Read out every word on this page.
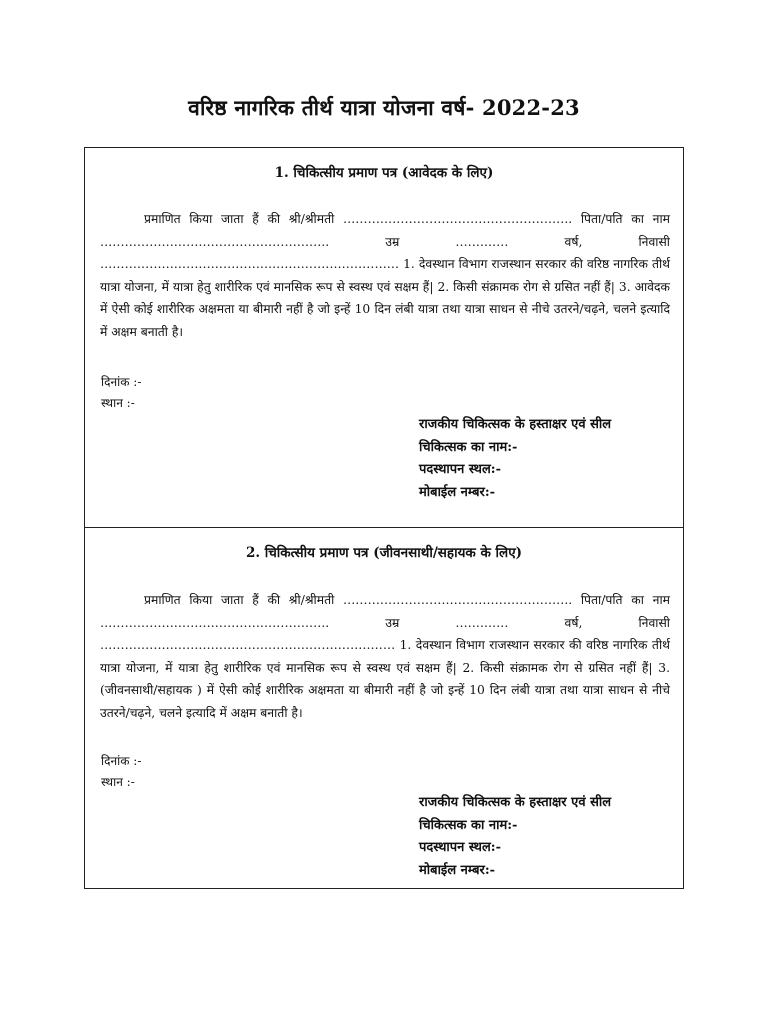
वरिष्ठ नागरिक तीर्थ यात्रा योजना वर्ष- 2022-23
1. चिकित्सीय प्रमाण पत्र (आवेदक के लिए)
प्रमाणित किया जाता हैं की श्री/श्रीमती ……………………………………………….. पिता/पति का नाम ……………………………………………….. उम्र …….…… वर्ष, निवासी …………………………………….………………………… 1. देवस्थान विभाग राजस्थान सरकार की वरिष्ठ नागरिक तीर्थ यात्रा योजना, में यात्रा हेतु शारीरिक एवं मानसिक रूप से स्वस्थ एवं सक्षम हैं| 2. किसी संक्रामक रोग से ग्रसित नहीं हैं| 3. आवेदक में ऐसी कोई शारीरिक अक्षमता या बीमारी नहीं है जो इन्हें 10 दिन लंबी यात्रा तथा यात्रा साधन से नीचे उतरने/चढ़ने, चलने इत्यादि में अक्षम बनाती है।
दिनांक :-
स्थान :-
राजकीय चिकित्सक के हस्ताक्षर एवं सील
चिकित्सक का नाम:-
पदस्थापन स्थल:-
मोबाईल नम्बर:-
2. चिकित्सीय प्रमाण पत्र (जीवनसाथी/सहायक के लिए)
प्रमाणित किया जाता हैं की श्री/श्रीमती ……………………………………………….. पिता/पति का नाम ……………………………………………….. उम्र …….…… वर्ष, निवासी ……………………………………………………………… 1. देवस्थान विभाग राजस्थान सरकार की वरिष्ठ नागरिक तीर्थ यात्रा योजना, में यात्रा हेतु शारीरिक एवं मानसिक रूप से स्वस्थ एवं सक्षम हैं| 2. किसी संक्रामक रोग से ग्रसित नहीं हैं| 3. (जीवनसाथी/सहायक ) में ऐसी कोई शारीरिक अक्षमता या बीमारी नहीं है जो इन्हें 10 दिन लंबी यात्रा तथा यात्रा साधन से नीचे उतरने/चढ़ने, चलने इत्यादि में अक्षम बनाती है।
दिनांक :-
स्थान :-
राजकीय चिकित्सक के हस्ताक्षर एवं सील
चिकित्सक का नाम:-
पदस्थापन स्थल:-
मोबाईल नम्बर:-
